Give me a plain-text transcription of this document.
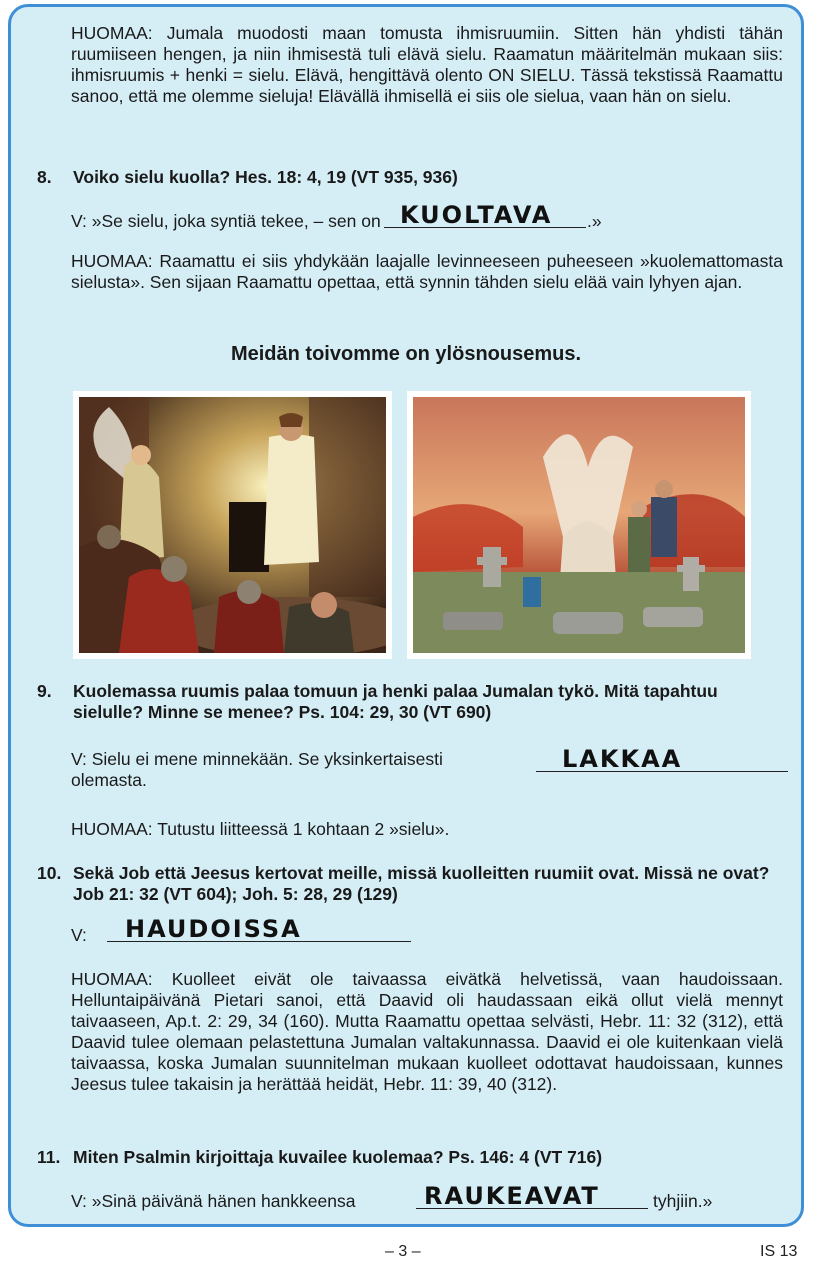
HUOMAA: Jumala muodosti maan tomusta ihmisruumiin. Sitten hän yhdisti tähän ruumiiseen hengen, ja niin ihmisestä tuli elävä sielu. Raamatun määritelmän mukaan siis: ihmisruumis + henki = sielu. Elävä, hengittävä olento ON SIELU. Tässä tekstissä Raamattu sanoo, että me olemme sieluja! Elävällä ihmisellä ei siis ole sielua, vaan hän on sielu.
8. Voiko sielu kuolla? Hes. 18: 4, 19 (VT 935, 936)
V: »Se sielu, joka syntiä tekee, – sen on KUOLTAVA	.»
HUOMAA: Raamattu ei siis yhdykään laajalle levinneeseen puheeseen »kuolemattomasta sielusta». Sen sijaan Raamattu opettaa, että synnin tähden sielu elää vain lyhyen ajan.
Meidän toivomme on ylösnousemus.
9. Kuolemassa ruumis palaa tomuun ja henki palaa Jumalan tykö. Mitä tapahtuu sielulle? Minne se menee? Ps. 104: 29, 30 (VT 690)
V: Sielu ei mene minnekään. Se yksinkertaisesti
olemasta.
LAKKAA
HUOMAA: Tutustu liitteessä 1 kohtaan 2 »sielu».
10. Sekä Job että Jeesus kertovat meille, missä kuolleitten ruumiit ovat. Missä ne ovat? Job 21: 32 (VT 604); Joh. 5: 28, 29 (129)
V:	HAUDOISSA
HUOMAA: Kuolleet eivät ole taivaassa eivätkä helvetissä, vaan haudoissaan. Helluntaipäivänä Pietari sanoi, että Daavid oli haudassaan eikä ollut vielä mennyt taivaaseen, Ap.t. 2: 29, 34 (160). Mutta Raamattu opettaa selvästi, Hebr. 11: 32 (312), että Daavid tulee olemaan pelastettuna Jumalan valtakunnassa. Daavid ei ole kuitenkaan vielä taivaassa, koska Jumalan suunnitelman mukaan kuolleet odottavat haudoissaan, kunnes Jeesus tulee takaisin ja herättää heidät, Hebr. 11: 39, 40 (312).
11. Miten Psalmin kirjoittaja kuvailee kuolemaa? Ps. 146: 4 (VT 716)
V: »Sinä päivänä hänen hankkeensa	RAUKEAVAT	tyhjiin.»
– 3 –	IS 13
